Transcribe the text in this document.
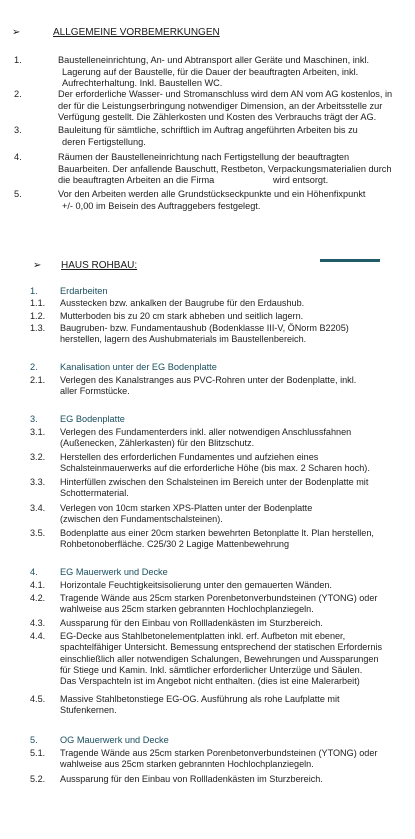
➢	ALLGEMEINE VORBEMERKUNGEN
1.	Baustelleneinrichtung, An- und Abtransport aller Geräte und Maschinen, inkl.
Lagerung auf der Baustelle, für die Dauer der beauftragten Arbeiten, inkl.
Aufrechterhaltung. Inkl. Baustellen WC.
2.	Der erforderliche Wasser- und Stromanschluss wird dem AN vom AG kostenlos, in
der für die Leistungserbringung notwendiger Dimension, an der Arbeitsstelle zur
Verfügung gestellt. Die Zählerkosten und Kosten des Verbrauchs trägt der AG.
3.	Bauleitung für sämtliche, schriftlich im Auftrag angeführten Arbeiten bis zu
deren Fertigstellung.
4.	Räumen der Baustelleneinrichtung nach Fertigstellung der beauftragten
Bauarbeiten. Der anfallende Bauschutt, Restbeton, Verpackungsmaterialien durch
die beauftragten Arbeiten an die Firma                       wird entsorgt.
5.	Vor den Arbeiten werden alle Grundstückseckpunkte und ein Höhenfixpunkt
+/- 0,00 im Beisein des Auftraggebers festgelegt.
➢ HAUS ROHBAU:
1. Erdarbeiten
1.1.	Ausstecken bzw. ankalken der Baugrube für den Erdaushub.
1.2.	Mutterboden bis zu 20 cm stark abheben und seitlich lagern.
1.3.	Baugruben- bzw. Fundamentaushub (Bodenklasse III-V, ÖNorm B2205)
herstellen, lagern des Aushubmaterials im Baustellenbereich.
2. Kanalisation unter der EG Bodenplatte
2.1.	Verlegen des Kanalstranges aus PVC-Rohren unter der Bodenplatte, inkl.
aller Formstücke.
3. EG Bodenplatte
3.1.	Verlegen des Fundamenterders inkl. aller notwendigen Anschlussfahnen
(Außenecken, Zählerkasten) für den Blitzschutz.
3.2.	Herstellen des erforderlichen Fundamentes und aufziehen eines
Schalsteinmauerwerks auf die erforderliche Höhe (bis max. 2 Scharen hoch).
3.3.	Hinterfüllen zwischen den Schalsteinen im Bereich unter der Bodenplatte mit
Schottermaterial.
3.4.	Verlegen von 10cm starken XPS-Platten unter der Bodenplatte
(zwischen den Fundamentschalsteinen).
3.5.	Bodenplatte aus einer 20cm starken bewehrten Betonplatte lt. Plan herstellen,
Rohbetonoberfläche. C25/30 2 Lagige Mattenbewehrung
4. EG Mauerwerk und Decke
4.1.	Horizontale Feuchtigkeitsisolierung unter den gemauerten Wänden.
4.2.	Tragende Wände aus 25cm starken Porenbetonverbundsteinen (YTONG) oder
wahlweise aus 25cm starken gebrannten Hochlochplanziegeln.
4.3.	Aussparung für den Einbau von Rollladenkästen im Sturzbereich.
4.4.	EG-Decke aus Stahlbetonelementplatten inkl. erf. Aufbeton mit ebener,
spachtelfähiger Untersicht. Bemessung entsprechend der statischen Erfordernis
einschließlich aller notwendigen Schalungen, Bewehrungen und Aussparungen
für Stiege und Kamin. Inkl. sämtlicher erforderlicher Unterzüge und Säulen.
Das Verspachteln ist im Angebot nicht enthalten. (dies ist eine Malerarbeit)
4.5.	Massive Stahlbetonstiege EG-OG. Ausführung als rohe Laufplatte mit
Stufenkernen.
5. OG Mauerwerk und Decke
5.1.	Tragende Wände aus 25cm starken Porenbetonverbundsteinen (YTONG) oder
wahlweise aus 25cm starken gebrannten Hochlochplanziegeln.
5.2.	Aussparung für den Einbau von Rollladenkästen im Sturzbereich.
